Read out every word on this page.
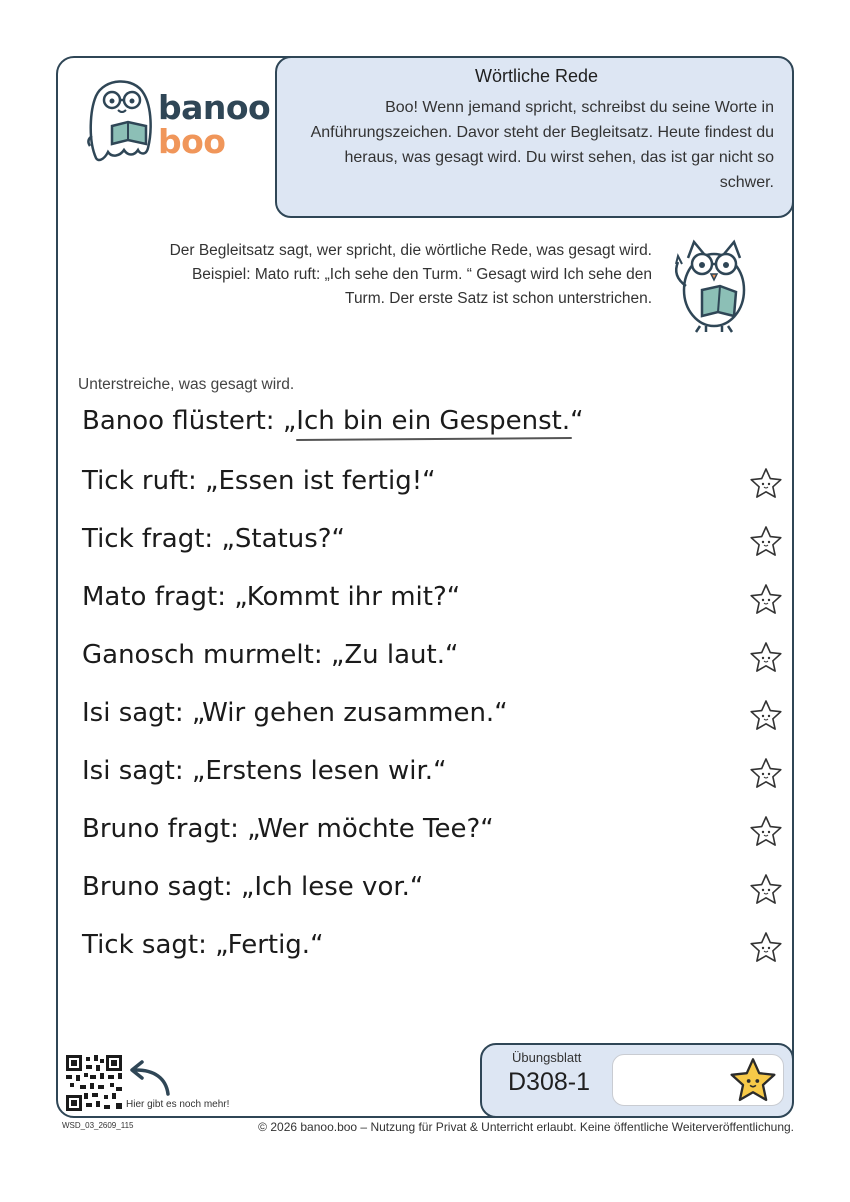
banoo
boo
Wörtliche Rede
Boo! Wenn jemand spricht, schreibst du seine Worte in Anführungszeichen. Davor steht der Begleitsatz. Heute findest du heraus, was gesagt wird. Du wirst sehen, das ist gar nicht so schwer.
Der Begleitsatz sagt, wer spricht, die wörtliche Rede, was gesagt wird. Beispiel: Mato ruft: „Ich sehe den Turm. “ Gesagt wird Ich sehe den Turm. Der erste Satz ist schon unterstrichen.
Unterstreiche, was gesagt wird.
Banoo flüstert: „Ich bin ein Gespenst.“
Tick ruft: „Essen ist fertig!“
Tick fragt: „Status?“
Mato fragt: „Kommt ihr mit?“
Ganosch murmelt: „Zu laut.“
Isi sagt: „Wir gehen zusammen.“
Isi sagt: „Erstens lesen wir.“
Bruno fragt: „Wer möchte Tee?“
Bruno sagt: „Ich lese vor.“
Tick sagt: „Fertig.“
Hier gibt es noch mehr!
WSD_03_2609_115	© 2026 banoo.boo – Nutzung für Privat & Unterricht erlaubt. Keine öffentliche Weiterveröffentlichung.
Übungsblatt
D308-1
